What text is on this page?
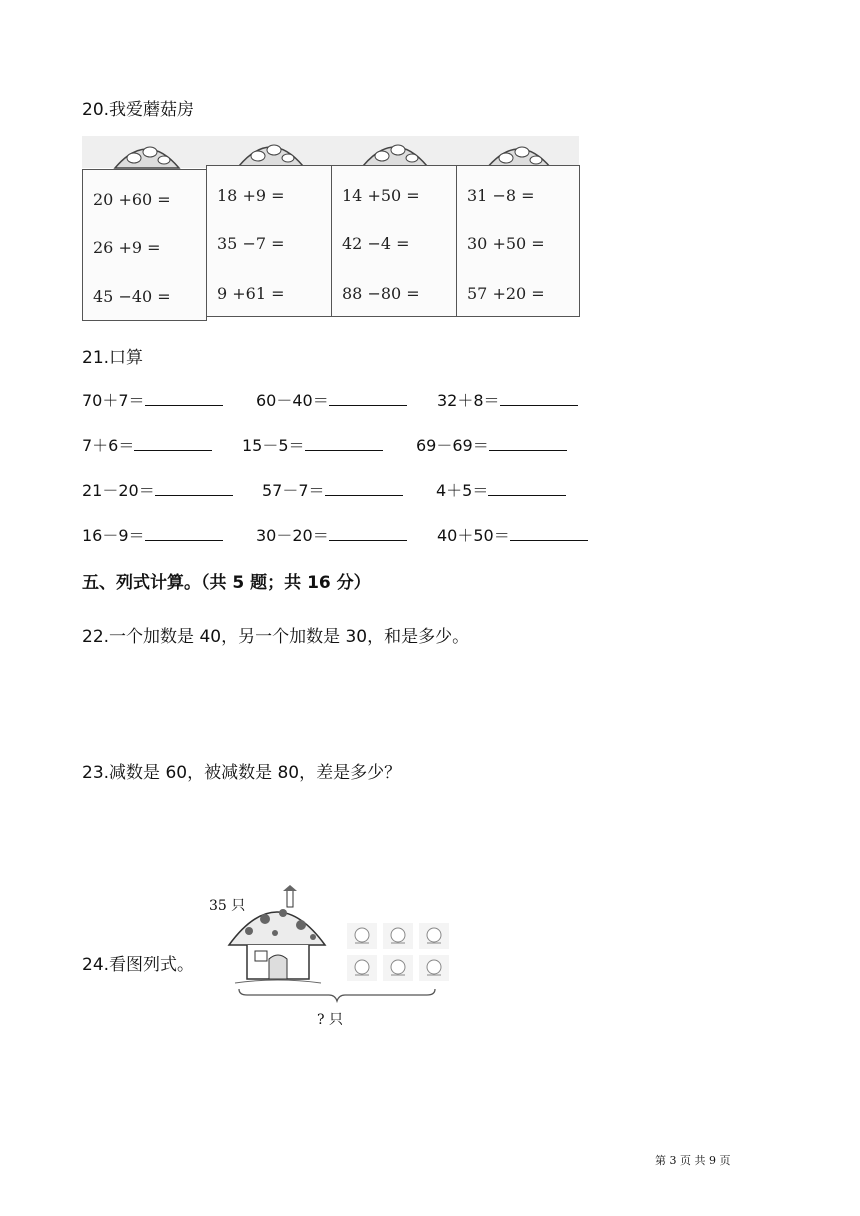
20.我爱蘑菇房
20 +60 =
26 +9 =
45 −40 =
18 +9 =
35 −7 =
9 +61 =
14 +50 =
42 −4 =
88 −80 =
31 −8 =
30 +50 =
57 +20 =
21.口算
70＋7＝	60－40＝	32＋8＝
7＋6＝	15－5＝	69－69＝
21－20＝	57－7＝	4＋5＝
16－9＝	30－20＝	40＋50＝
五、列式计算。（共 5 题；共 16 分）
22.一个加数是 40，另一个加数是 30，和是多少。
23.减数是 60，被减数是 80，差是多少？
24.看图列式。
35 只
? 只
第 3 页 共 9 页
